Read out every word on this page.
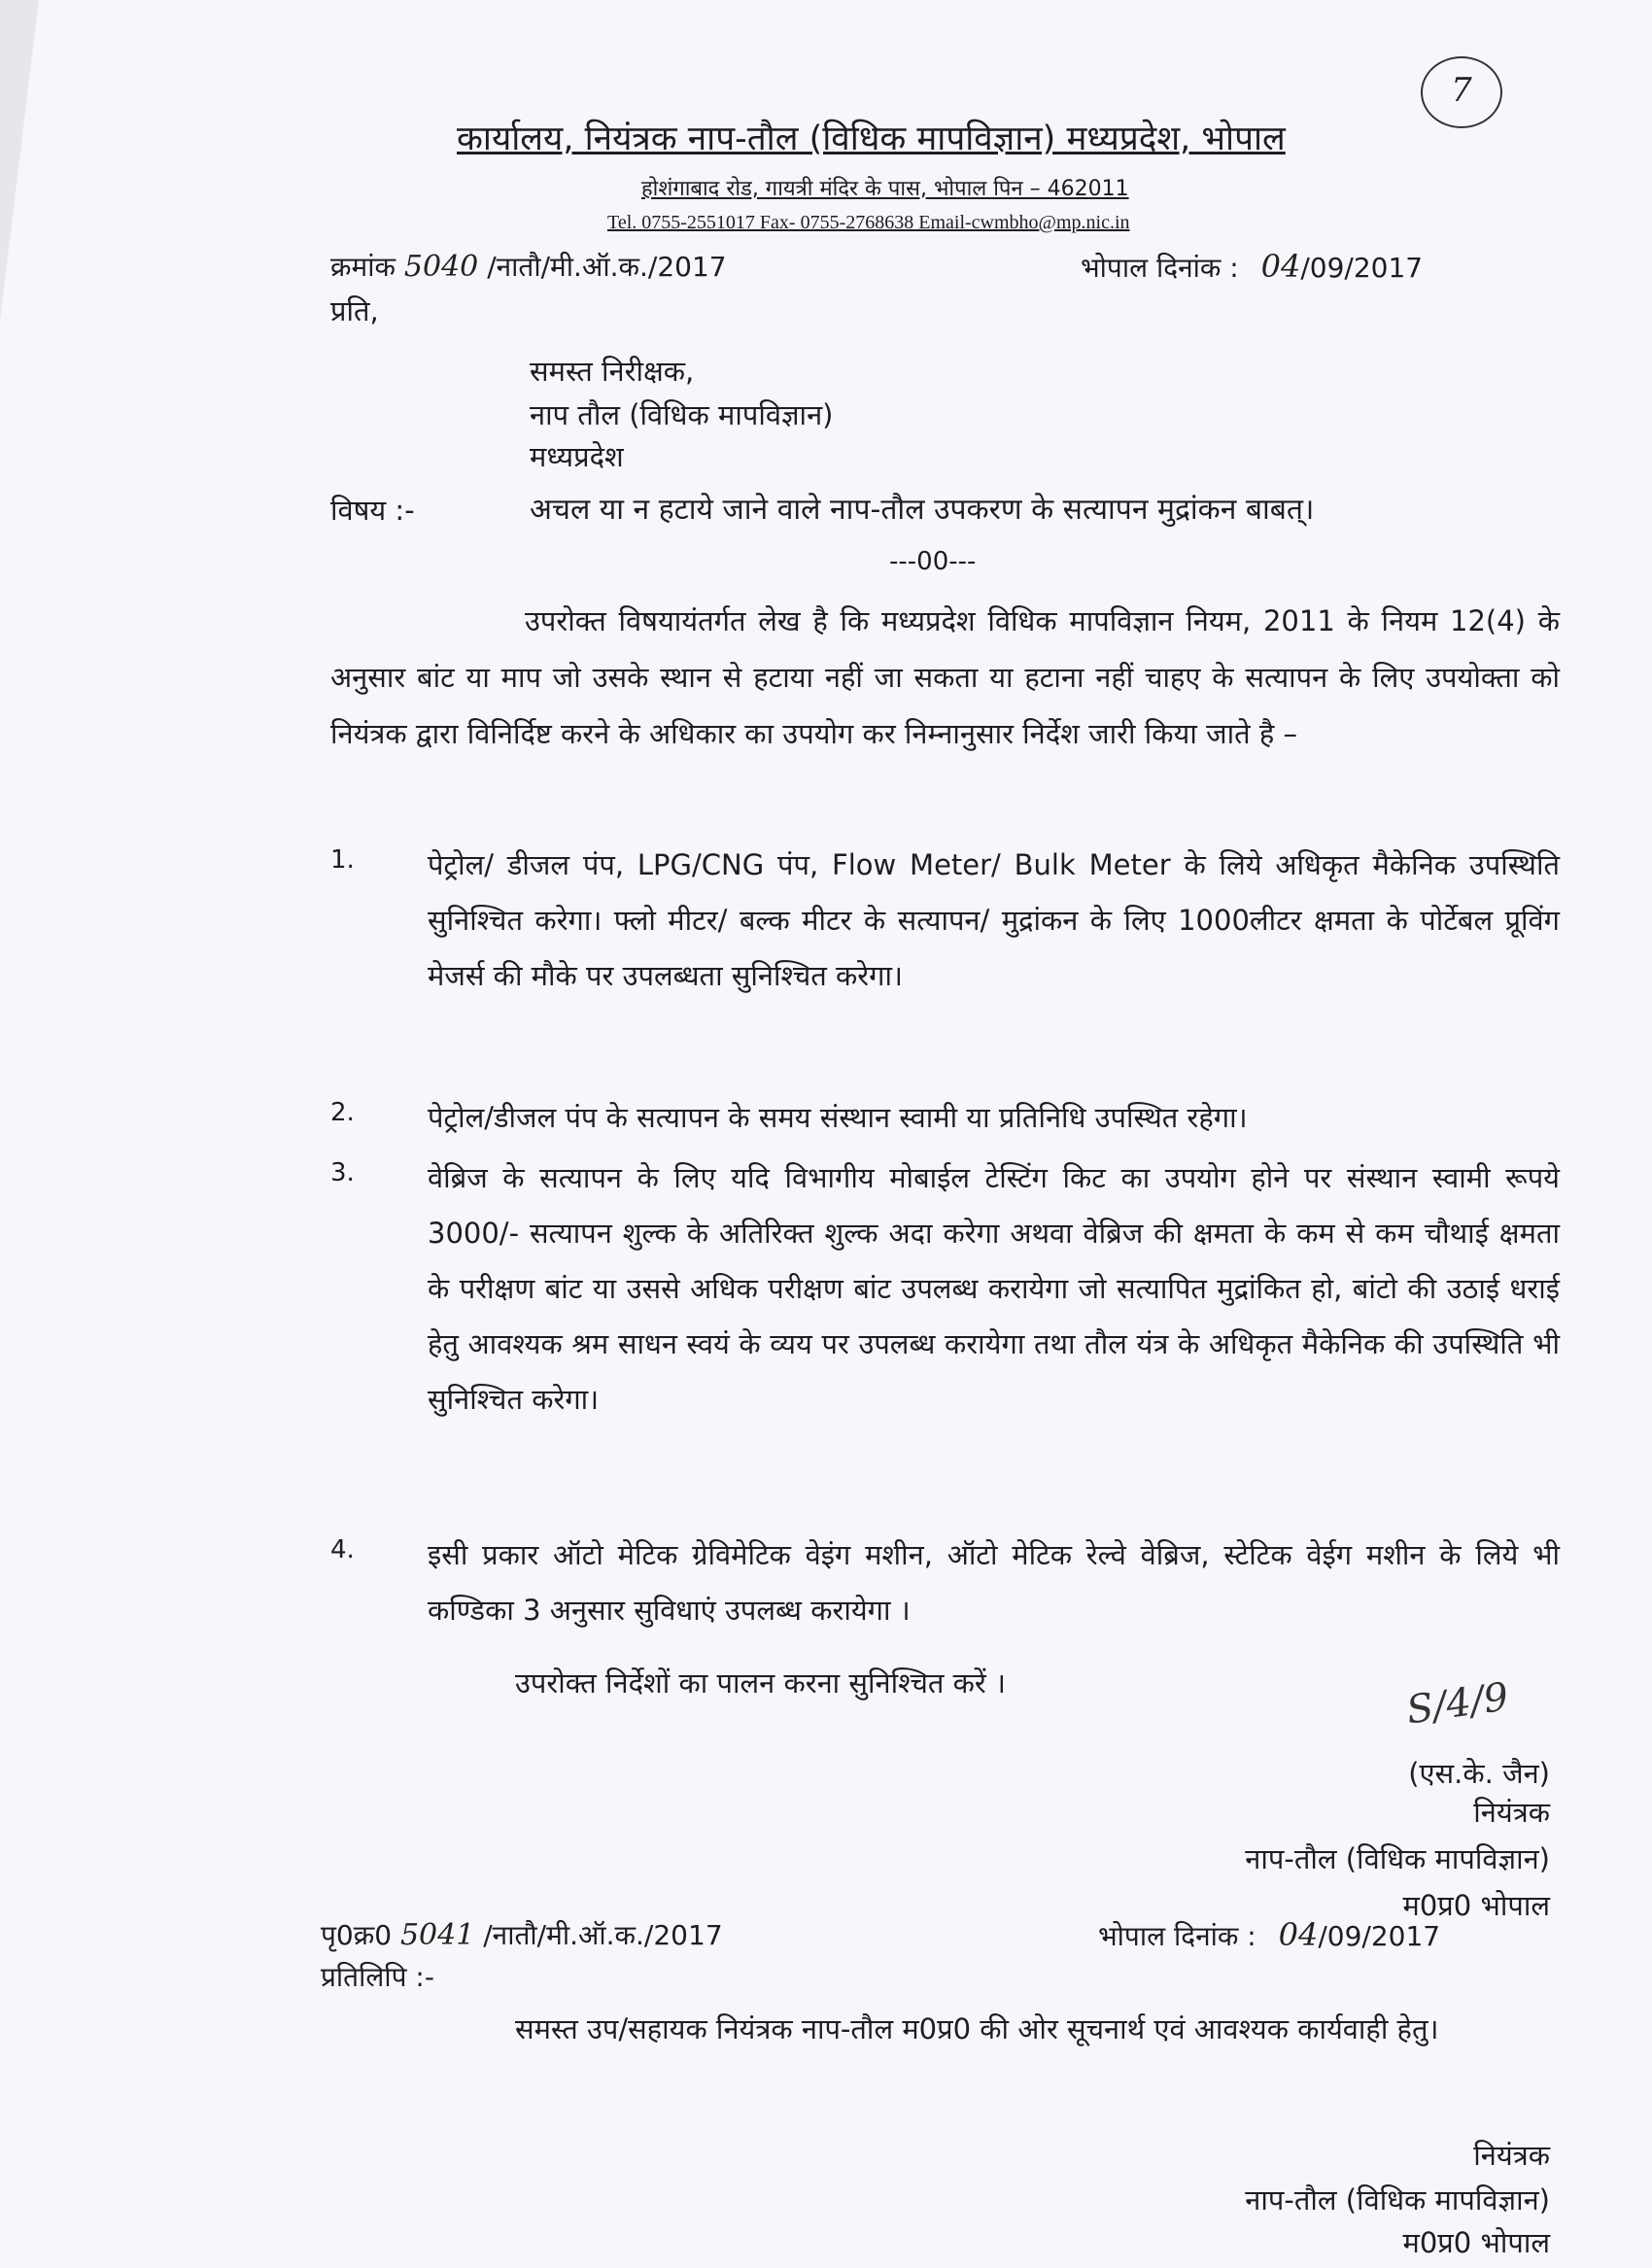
7
कार्यालय, नियंत्रक नाप-तौल (विधिक मापविज्ञान) मध्यप्रदेश, भोपाल
होशंगाबाद रोड, गायत्री मंदिर के पास, भोपाल पिन – 462011
Tel. 0755-2551017 Fax- 0755-2768638 Email-cwmbho@mp.nic.in
क्रमांक 5040 /नातौ/मी.ऑ.क./2017	भोपाल दिनांक : 04/09/2017
प्रति,
समस्त निरीक्षक,
नाप तौल (विधिक मापविज्ञान)
मध्यप्रदेश
विषय :-	अचल या न हटाये जाने वाले नाप-तौल उपकरण के सत्यापन मुद्रांकन बाबत्।
---00---
उपरोक्त विषयायंतर्गत लेख है कि मध्यप्रदेश विधिक मापविज्ञान नियम, 2011 के नियम 12(4) के अनुसार बांट या माप जो उसके स्थान से हटाया नहीं जा सकता या हटाना नहीं चाहए के सत्यापन के लिए उपयोक्ता को नियंत्रक द्वारा विनिर्दिष्ट करने के अधिकार का उपयोग कर निम्नानुसार निर्देश जारी किया जाते है –
1.	पेट्रोल/ डीजल पंप, LPG/CNG पंप, Flow Meter/ Bulk Meter के लिये अधिकृत मैकेनिक उपस्थिति सुनिश्चित करेगा। फ्लो मीटर/ बल्क मीटर के सत्यापन/ मुद्रांकन के लिए 1000लीटर क्षमता के पोर्टेबल प्रूविंग मेजर्स की मौके पर उपलब्धता सुनिश्चित करेगा।
2.	पेट्रोल/डीजल पंप के सत्यापन के समय संस्थान स्वामी या प्रतिनिधि उपस्थित रहेगा।
3.	वेब्रिज के सत्यापन के लिए यदि विभागीय मोबाईल टेस्टिंग किट का उपयोग होने पर संस्थान स्वामी रूपये 3000/- सत्यापन शुल्क के अतिरिक्त शुल्क अदा करेगा अथवा वेब्रिज की क्षमता के कम से कम चौथाई क्षमता के परीक्षण बांट या उससे अधिक परीक्षण बांट उपलब्ध करायेगा जो सत्यापित मुद्रांकित हो, बांटो की उठाई धराई हेतु आवश्यक श्रम साधन स्वयं के व्यय पर उपलब्ध करायेगा तथा तौल यंत्र के अधिकृत मैकेनिक की उपस्थिति भी सुनिश्चित करेगा।
4.	इसी प्रकार ऑटो मेटिक ग्रेविमेटिक वेइंग मशीन, ऑटो मेटिक रेल्वे वेब्रिज, स्टेटिक वेईग मशीन के लिये भी कण्डिका 3 अनुसार सुविधाएं उपलब्ध करायेगा ।
उपरोक्त निर्देशों का पालन करना सुनिश्चित करें ।	S/4/9
(एस.के. जैन)
नियंत्रक
नाप-तौल (विधिक मापविज्ञान)
म0प्र0 भोपाल
पृ0क्र0 5041 /नातौ/मी.ऑ.क./2017	भोपाल दिनांक : 04/09/2017
प्रतिलिपि :-
समस्त उप/सहायक नियंत्रक नाप-तौल म0प्र0 की ओर सूचनार्थ एवं आवश्यक कार्यवाही हेतु।
नियंत्रक
नाप-तौल (विधिक मापविज्ञान)
म0प्र0 भोपाल
